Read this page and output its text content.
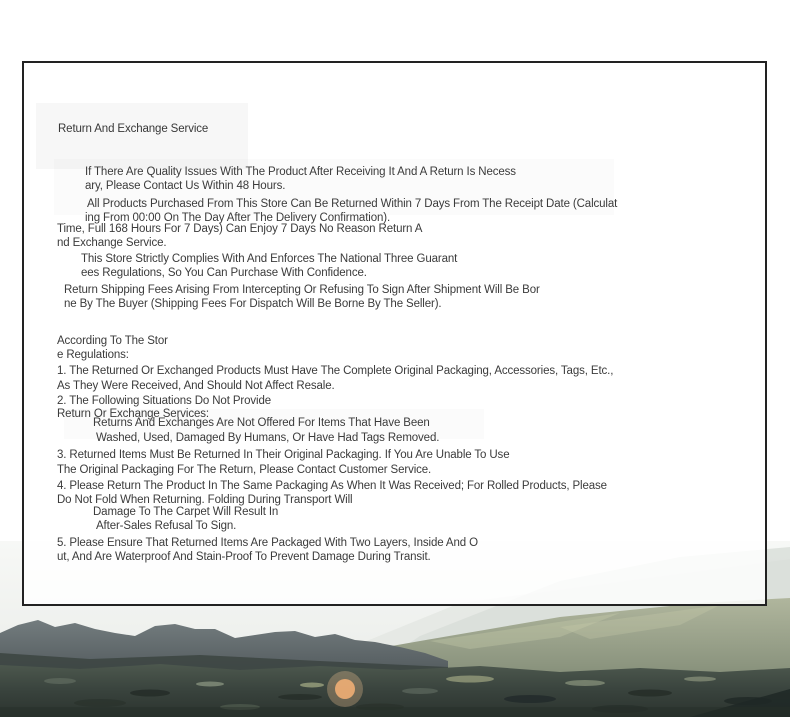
Return And Exchange Service
If There Are Quality Issues With The Product After Receiving It And A Return Is Necess
ary, Please Contact Us Within 48 Hours.
All Products Purchased From This Store Can Be Returned Within 7 Days From The Receipt Date (Calculat
ing From 00:00 On The Day After The Delivery Confirmation).
Time, Full 168 Hours For 7 Days) Can Enjoy 7 Days No Reason Return A
nd Exchange Service.
This Store Strictly Complies With And Enforces The National Three Guarant
ees Regulations, So You Can Purchase With Confidence.
Return Shipping Fees Arising From Intercepting Or Refusing To Sign After Shipment Will Be Bor
ne By The Buyer (Shipping Fees For Dispatch Will Be Borne By The Seller).
According To The Stor
e Regulations:
1. The Returned Or Exchanged Products Must Have The Complete Original Packaging, Accessories, Tags, Etc.,
As They Were Received, And Should Not Affect Resale.
2. The Following Situations Do Not Provide
Return Or Exchange Services:
Returns And Exchanges Are Not Offered For Items That Have Been
Washed, Used, Damaged By Humans, Or Have Had Tags Removed.
3. Returned Items Must Be Returned In Their Original Packaging. If You Are Unable To Use
The Original Packaging For The Return, Please Contact Customer Service.
4. Please Return The Product In The Same Packaging As When It Was Received; For Rolled Products, Please
Do Not Fold When Returning. Folding During Transport Will
Damage To The Carpet Will Result In
After-Sales Refusal To Sign.
5. Please Ensure That Returned Items Are Packaged With Two Layers, Inside And O
ut, And Are Waterproof And Stain-Proof To Prevent Damage During Transit.
